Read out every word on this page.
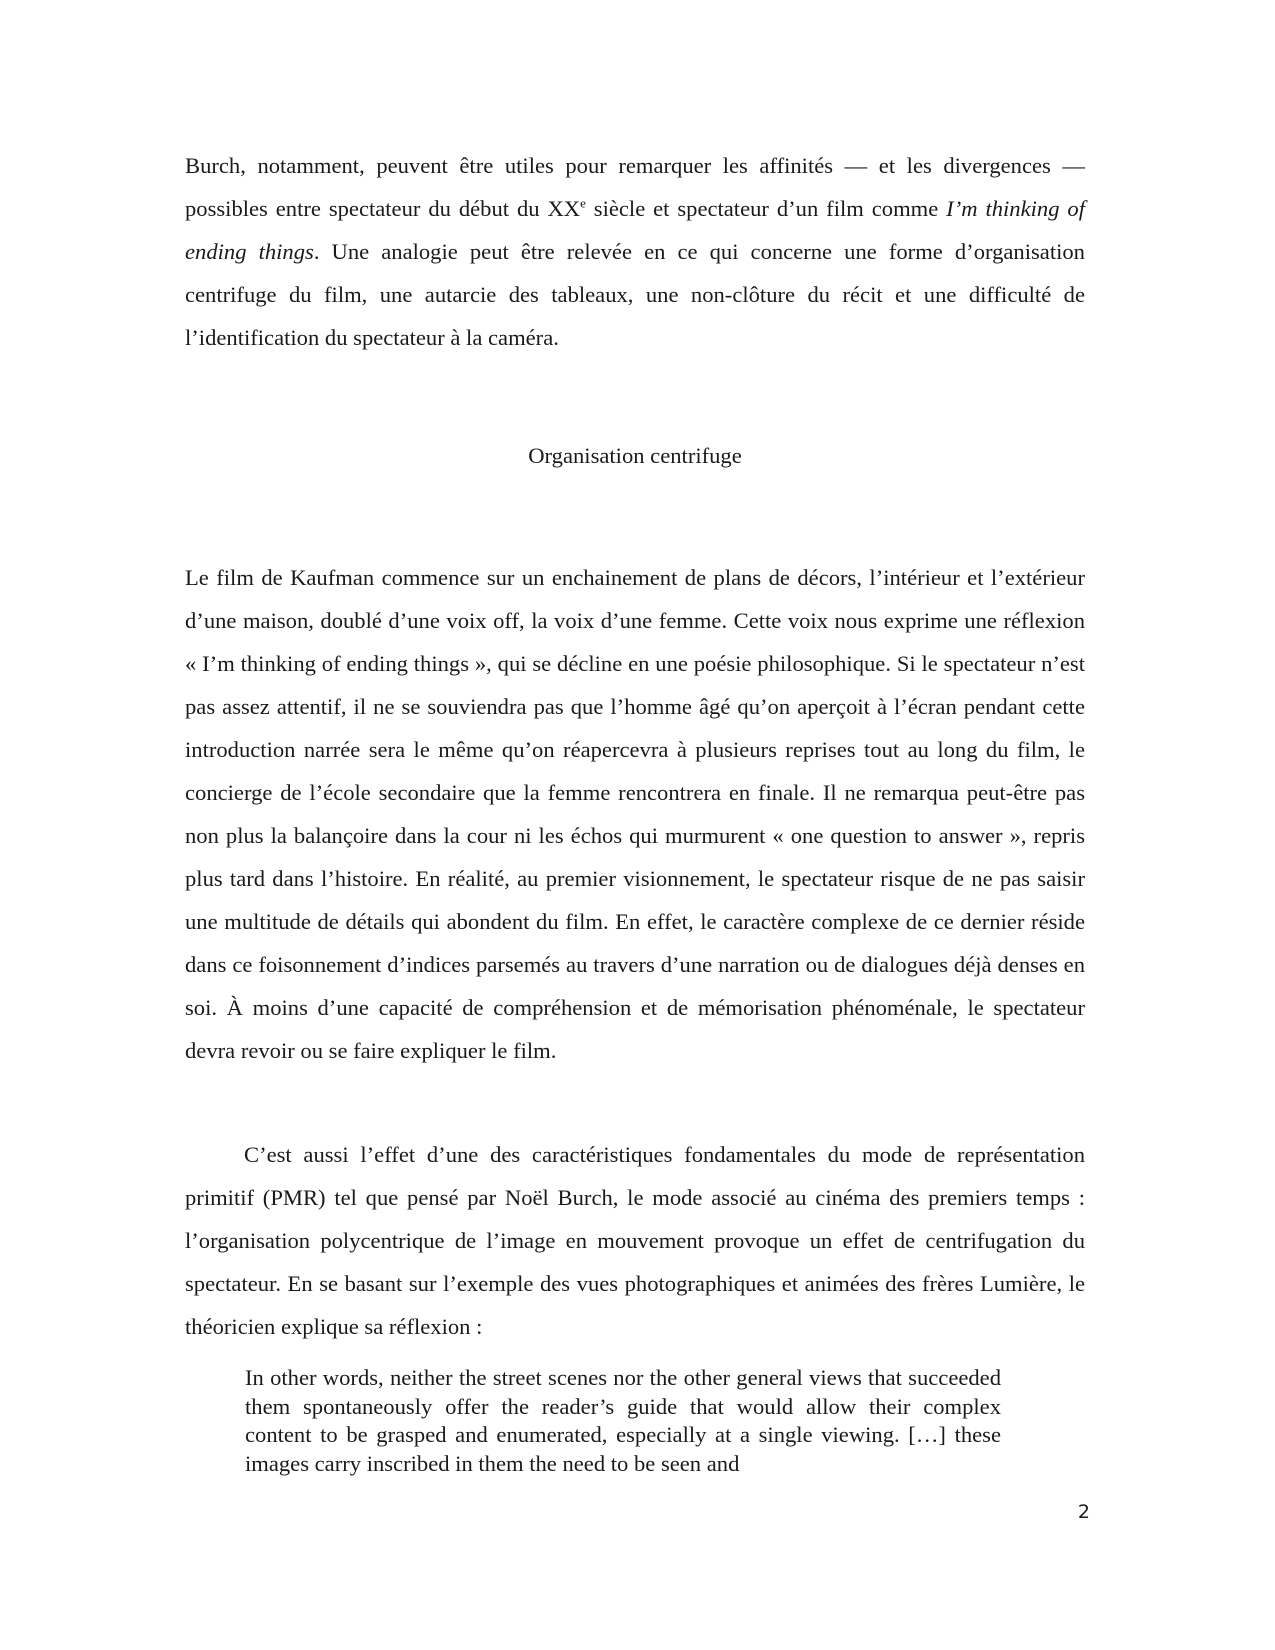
Burch, notamment, peuvent être utiles pour remarquer les affinités — et les divergences — possibles entre spectateur du début du XXe siècle et spectateur d’un film comme I’m thinking of ending things. Une analogie peut être relevée en ce qui concerne une forme d’organisation centrifuge du film, une autarcie des tableaux, une non-clôture du récit et une difficulté de l’identification du spectateur à la caméra.

Organisation centrifuge

Le film de Kaufman commence sur un enchainement de plans de décors, l’intérieur et l’extérieur d’une maison, doublé d’une voix off, la voix d’une femme. Cette voix nous exprime une réflexion « I’m thinking of ending things », qui se décline en une poésie philosophique. Si le spectateur n’est pas assez attentif, il ne se souviendra pas que l’homme âgé qu’on aperçoit à l’écran pendant cette introduction narrée sera le même qu’on réapercevra à plusieurs reprises tout au long du film, le concierge de l’école secondaire que la femme rencontrera en finale. Il ne remarqua peut-être pas non plus la balançoire dans la cour ni les échos qui murmurent « one question to answer », repris plus tard dans l’histoire. En réalité, au premier visionnement, le spectateur risque de ne pas saisir une multitude de détails qui abondent du film. En effet, le caractère complexe de ce dernier réside dans ce foisonnement d’indices parsemés au travers d’une narration ou de dialogues déjà denses en soi. À moins d’une capacité de compréhension et de mémorisation phénoménale, le spectateur devra revoir ou se faire expliquer le film.

C’est aussi l’effet d’une des caractéristiques fondamentales du mode de représentation primitif (PMR) tel que pensé par Noël Burch, le mode associé au cinéma des premiers temps : l’organisation polycentrique de l’image en mouvement provoque un effet de centrifugation du spectateur. En se basant sur l’exemple des vues photographiques et animées des frères Lumière, le théoricien explique sa réflexion :

In other words, neither the street scenes nor the other general views that succeeded them spontaneously offer the reader’s guide that would allow their complex content to be grasped and enumerated, especially at a single viewing. […] these images carry inscribed in them the need to be seen and

2
